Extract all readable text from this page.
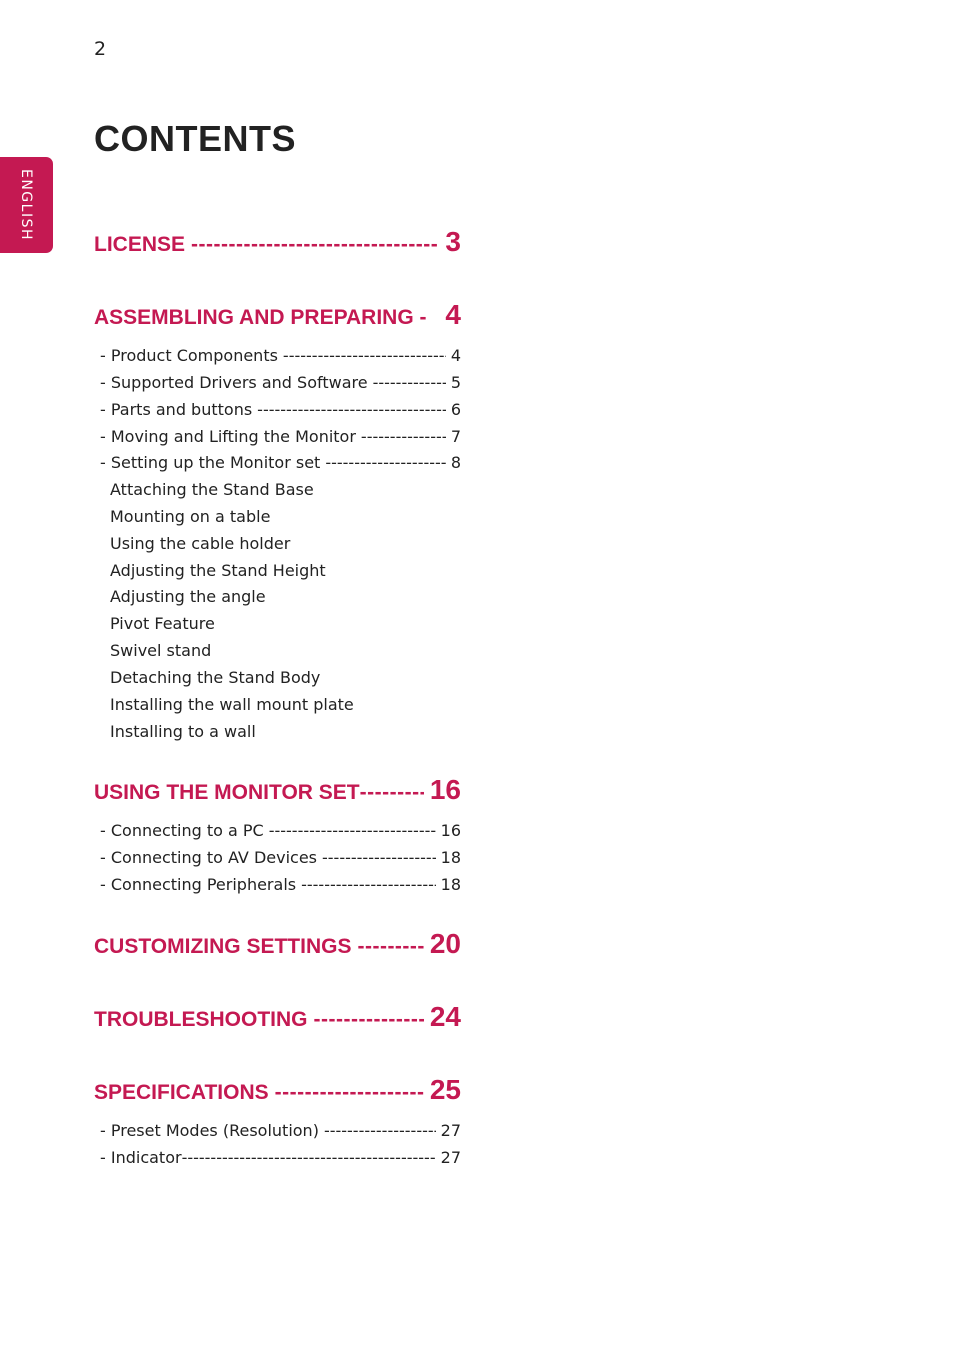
2
ENGLISH
CONTENTS
LICENSE -----	3
ASSEMBLING AND PREPARING - 4
- Product Components -----	4
- Supported Drivers and Software -----	5
- Parts and buttons -----	6
- Moving and Lifting the Monitor -----	7
- Setting up the Monitor set -----	8
Attaching the Stand Base
Mounting on a table
Using the cable holder
Adjusting the Stand Height
Adjusting the angle
Pivot Feature
Swivel stand
Detaching the Stand Body
Installing the wall mount plate
Installing to a wall
USING THE MONITOR SET -----	16
- Connecting to a PC -----	16
- Connecting to AV Devices -----	18
- Connecting Peripherals -----	18
CUSTOMIZING SETTINGS -----	20
TROUBLESHOOTING -----	24
SPECIFICATIONS -----	25
- Preset Modes (Resolution) -----	27
- Indicator -----	27
